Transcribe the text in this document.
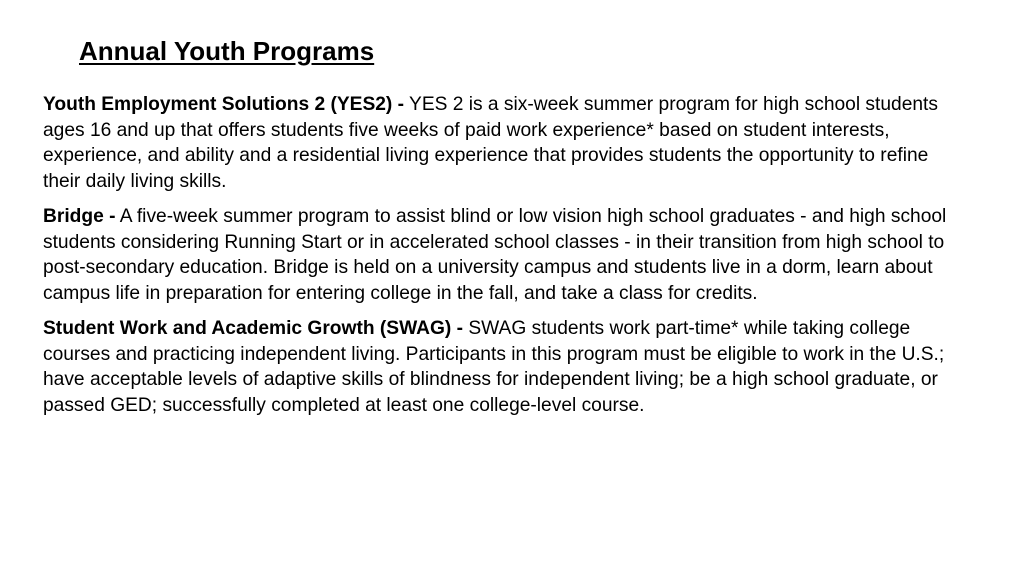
Annual Youth Programs

Youth Employment Solutions 2 (YES2) - YES 2 is a six-week summer program for high school students ages 16 and up that offers students five weeks of paid work experience* based on student interests, experience, and ability and a residential living experience that provides students the opportunity to refine their daily living skills.

Bridge - A five-week summer program to assist blind or low vision high school graduates - and high school students considering Running Start or in accelerated school classes - in their transition from high school to post-secondary education. Bridge is held on a university campus and students live in a dorm, learn about campus life in preparation for entering college in the fall, and take a class for credits.

Student Work and Academic Growth (SWAG) - SWAG students work part-time* while taking college courses and practicing independent living. Participants in this program must be eligible to work in the U.S.; have acceptable levels of adaptive skills of blindness for independent living; be a high school graduate, or passed GED; successfully completed at least one college-level course.
